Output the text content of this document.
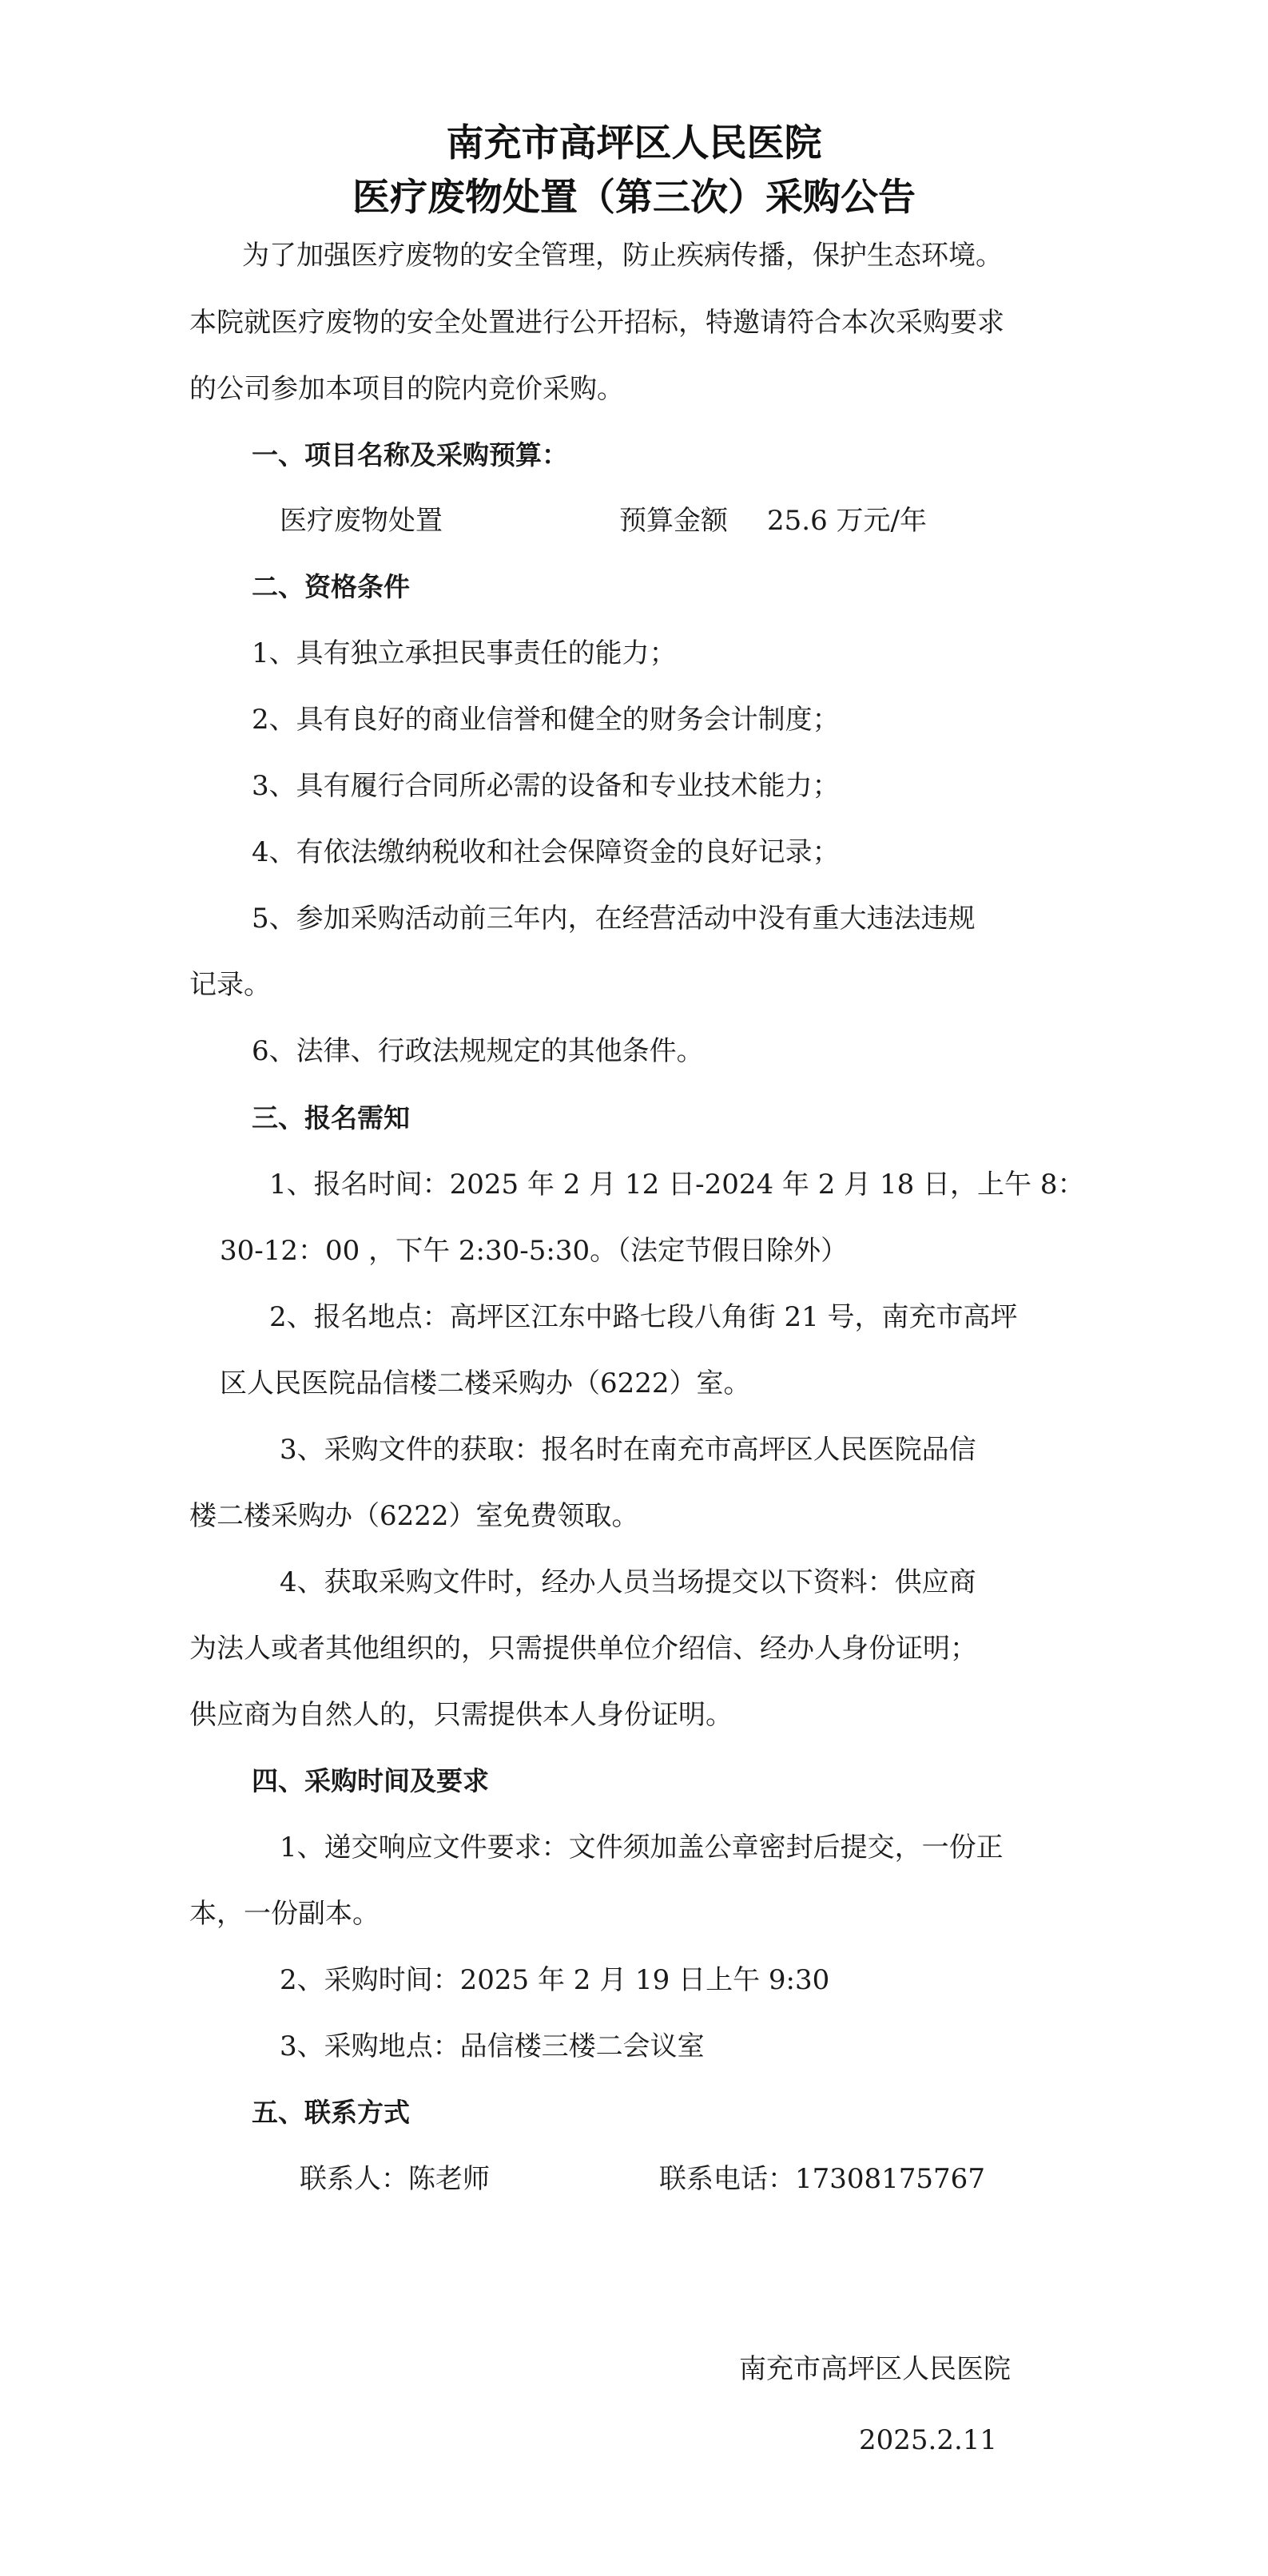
南充市高坪区人民医院
医疗废物处置（第三次）采购公告
为了加强医疗废物的安全管理，防止疾病传播，保护生态环境。
本院就医疗废物的安全处置进行公开招标，特邀请符合本次采购要求
的公司参加本项目的院内竞价采购。
一、项目名称及采购预算：
医疗废物处置	预算金额 25.6 万元/年
二、资格条件
1、具有独立承担民事责任的能力；
2、具有良好的商业信誉和健全的财务会计制度；
3、具有履行合同所必需的设备和专业技术能力；
4、有依法缴纳税收和社会保障资金的良好记录；
5、参加采购活动前三年内，在经营活动中没有重大违法违规
记录。
6、法律、行政法规规定的其他条件。
三、报名需知
1、报名时间：2025 年 2 月 12 日-2024 年 2 月 18 日，上午 8：
30-12：00 ，下午 2:30-5:30。（法定节假日除外）
2、报名地点：高坪区江东中路七段八角街 21 号，南充市高坪
区人民医院品信楼二楼采购办（6222）室。
3、采购文件的获取：报名时在南充市高坪区人民医院品信
楼二楼采购办（6222）室免费领取。
4、获取采购文件时，经办人员当场提交以下资料：供应商
为法人或者其他组织的，只需提供单位介绍信、经办人身份证明；
供应商为自然人的，只需提供本人身份证明。
四、采购时间及要求
1、递交响应文件要求：文件须加盖公章密封后提交，一份正
本，一份副本。
2、采购时间：2025 年 2 月 19 日上午 9:30
3、采购地点：品信楼三楼二会议室
五、联系方式
联系人：陈老师	联系电话：17308175767
南充市高坪区人民医院
2025.2.11
